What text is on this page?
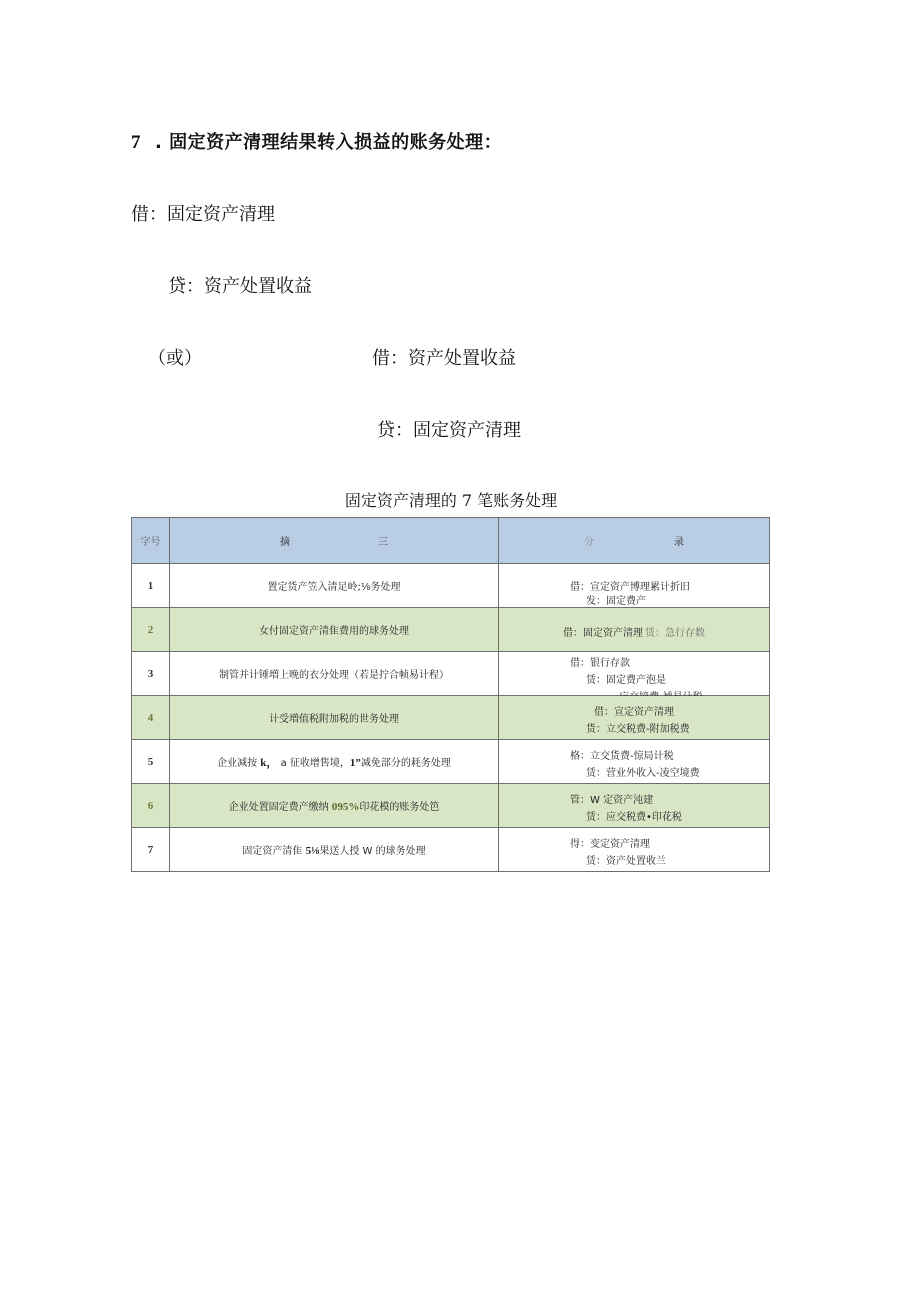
7 . 固定资产清理结果转入损益的账务处理：
借：固定资产清理
贷：资产处置收益
（或）	借：资产处置收益
贷：固定资产清理
固定资产清理的 7 笔账务处理
字号	摘 三	分 录

1	置定货产笠入清足岭;⅛务处理	借：宣定资产博理累计折旧
发：固定费产

2	女付固定资产清隹费用的球务处理	借：固定资产清理 赁：急行存数

3	制管并计锤増上晚的衣分处理（若是拧合帧易计程）	借：银行存款
赁：固定费产泡是

4	计受増值税附加税的世务处理	借：宣定资产清理
货：立交税费-附加税费

5	企业减按 k， a 征收增售境，1”减免部分的耗务处理	格：立交货费-惊局计税
赁：营业外收入-凌空境费

6	企业处置固定费产缴纳 095%印花模的账务处笆	管：W 定资产沌建
赁：应交税费•印花税

7	固定资产清隹 5⅛果送人授 W 的球务处理	得：变定资产清理
赁：资产处置收兰
